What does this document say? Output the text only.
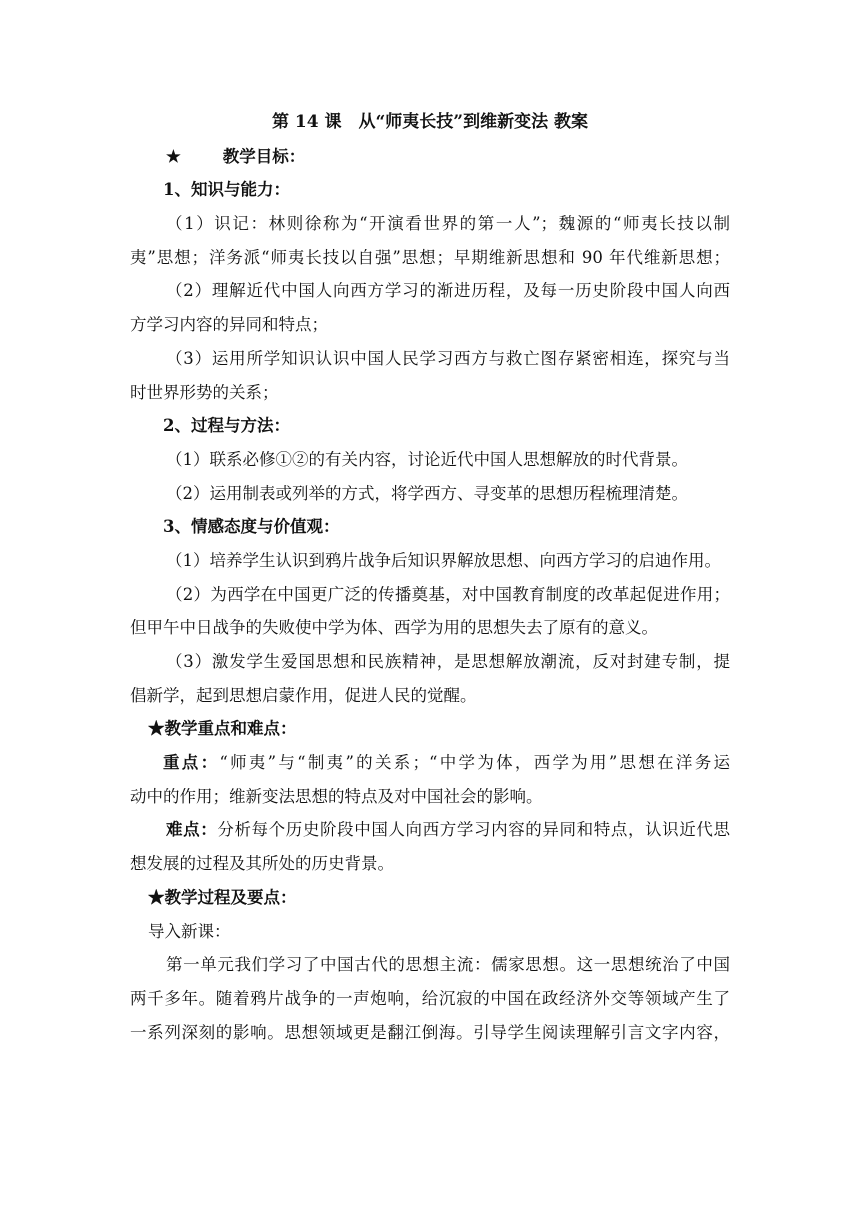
第 14 课　从“师夷长技”到维新变法 教案
★	教学目标：
1、知识与能力：
（1）识记：林则徐称为“开演看世界的第一人”；魏源的“师夷长技以制
夷”思想；洋务派“师夷长技以自强”思想；早期维新思想和 90 年代维新思想；
（2）理解近代中国人向西方学习的渐进历程，及每一历史阶段中国人向西
方学习内容的异同和特点；
（3）运用所学知识认识中国人民学习西方与救亡图存紧密相连，探究与当
时世界形势的关系；
2、过程与方法：
（1）联系必修①②的有关内容，讨论近代中国人思想解放的时代背景。
（2）运用制表或列举的方式，将学西方、寻变革的思想历程梳理清楚。
3、情感态度与价值观：
（1）培养学生认识到鸦片战争后知识界解放思想、向西方学习的启迪作用。
（2）为西学在中国更广泛的传播奠基，对中国教育制度的改革起促进作用；
但甲午中日战争的失败使中学为体、西学为用的思想失去了原有的意义。
（3）激发学生爱国思想和民族精神，是思想解放潮流，反对封建专制，提
倡新学，起到思想启蒙作用，促进人民的觉醒。
★教学重点和难点：
重点：“师夷”与“制夷”的关系；“中学为体，西学为用”思想在洋务运
动中的作用；维新变法思想的特点及对中国社会的影响。
难点：分析每个历史阶段中国人向西方学习内容的异同和特点，认识近代思
想发展的过程及其所处的历史背景。
★教学过程及要点：
导入新课：
第一单元我们学习了中国古代的思想主流：儒家思想。这一思想统治了中国
两千多年。随着鸦片战争的一声炮响，给沉寂的中国在政经济外交等领域产生了
一系列深刻的影响。思想领域更是翻江倒海。引导学生阅读理解引言文字内容，
